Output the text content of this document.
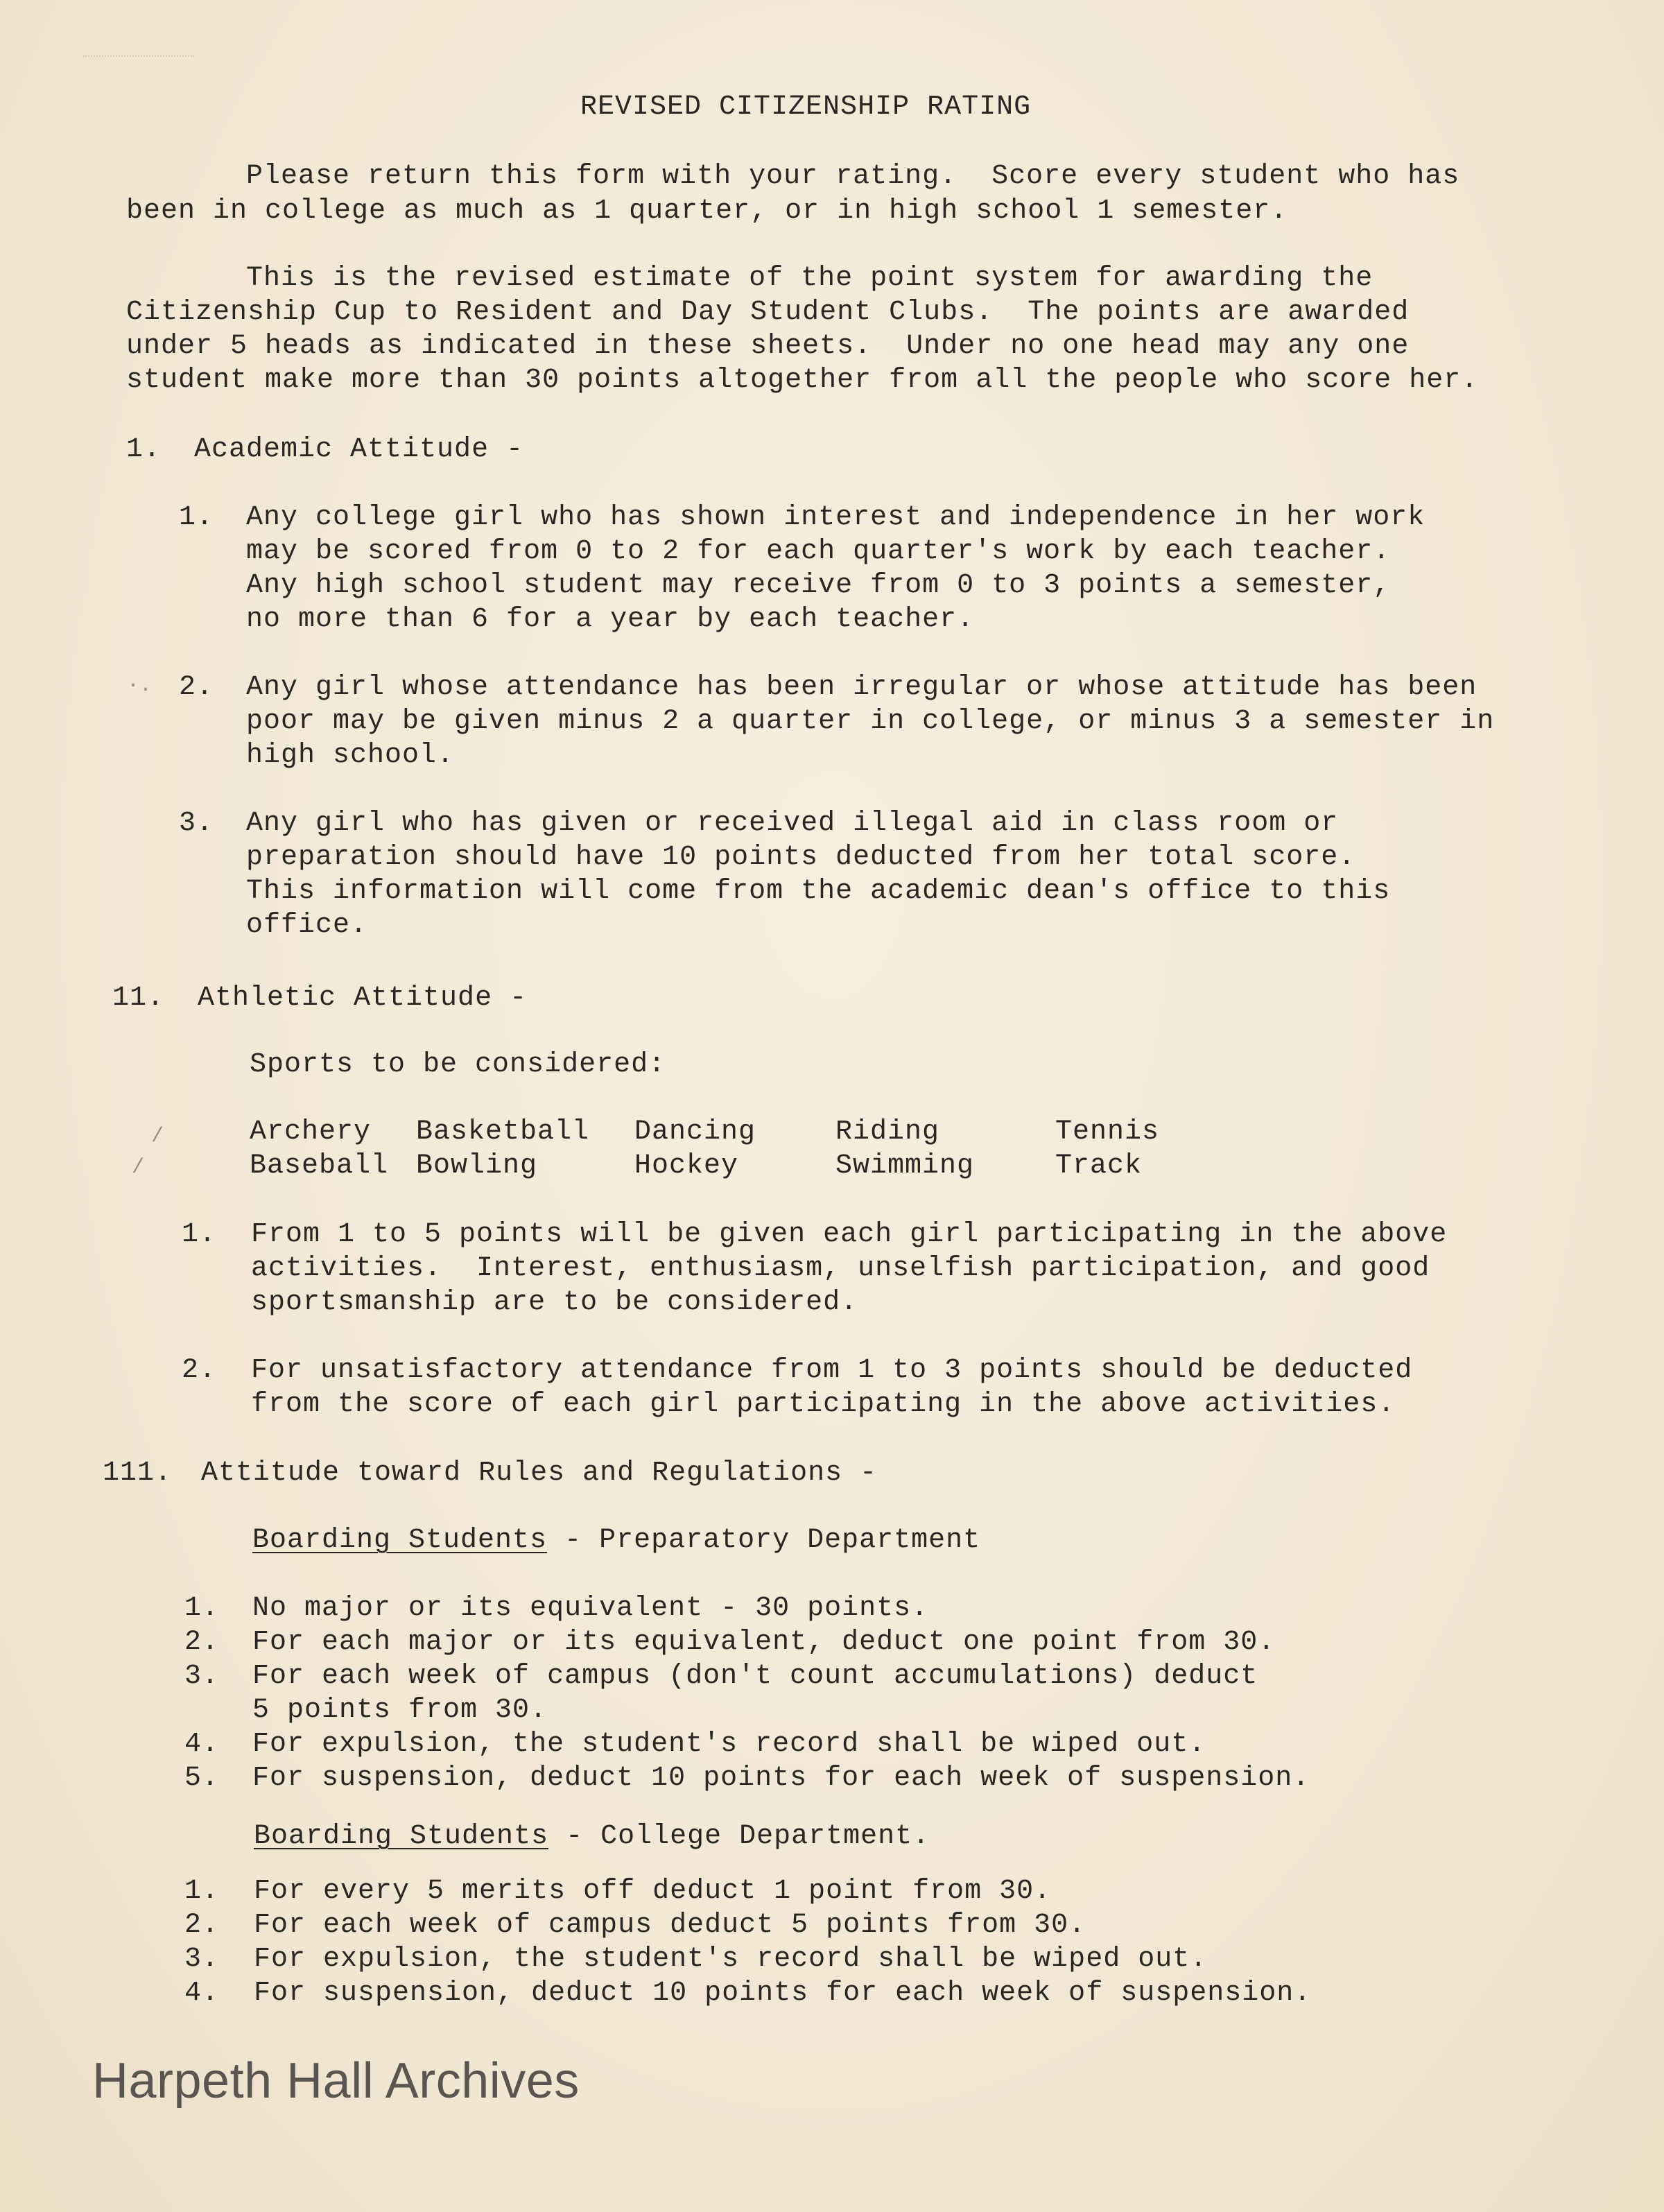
REVISED CITIZENSHIP RATING
Please return this form with your rating.  Score every student who has
been in college as much as 1 quarter, or in high school 1 semester.
This is the revised estimate of the point system for awarding the
Citizenship Cup to Resident and Day Student Clubs.  The points are awarded
under 5 heads as indicated in these sheets.  Under no one head may any one
student make more than 30 points altogether from all the people who score her.
1. Academic Attitude -
1. Any college girl who has shown interest and independence in her work
may be scored from 0 to 2 for each quarter's work by each teacher.
Any high school student may receive from 0 to 3 points a semester,
no more than 6 for a year by each teacher.
·. 2. Any girl whose attendance has been irregular or whose attitude has been
poor may be given minus 2 a quarter in college, or minus 3 a semester in
high school.
3. Any girl who has given or received illegal aid in class room or
preparation should have 10 points deducted from her total score.
This information will come from the academic dean's office to this
office.
11. Athletic Attitude -
Sports to be considered:
/	Archery Basketball Dancing	Riding	Tennis
/	Baseball Bowling	Hockey	Swimming	Track
1. From 1 to 5 points will be given each girl participating in the above
activities.  Interest, enthusiasm, unselfish participation, and good
sportsmanship are to be considered.
2. For unsatisfactory attendance from 1 to 3 points should be deducted
from the score of each girl participating in the above activities.
111. Attitude toward Rules and Regulations -
Boarding Students - Preparatory Department
1. No major or its equivalent - 30 points.
2. For each major or its equivalent, deduct one point from 30.
3. For each week of campus (don't count accumulations) deduct
5 points from 30.
4. For expulsion, the student's record shall be wiped out.
5. For suspension, deduct 10 points for each week of suspension.
Boarding Students - College Department.
1. For every 5 merits off deduct 1 point from 30.
2. For each week of campus deduct 5 points from 30.
3. For expulsion, the student's record shall be wiped out.
4. For suspension, deduct 10 points for each week of suspension.
Harpeth Hall Archives
